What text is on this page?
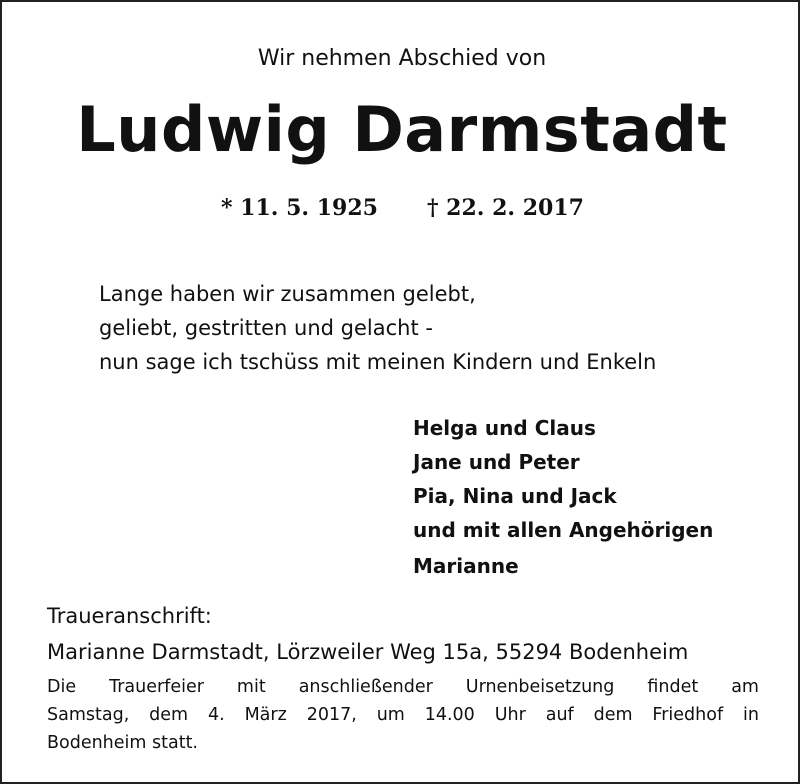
Wir nehmen Abschied von
Ludwig Darmstadt
* 11. 5. 1925 † 22. 2. 2017
Lange haben wir zusammen gelebt,
geliebt, gestritten und gelacht -
nun sage ich tschüss mit meinen Kindern und Enkeln
Helga und Claus
Jane und Peter
Pia, Nina und Jack
und mit allen Angehörigen
Marianne
Traueranschrift:
Marianne Darmstadt, Lörzweiler Weg 15a, 55294 Bodenheim
Die Trauerfeier mit anschließender Urnenbeisetzung findet am
Samstag, dem 4. März 2017, um 14.00 Uhr auf dem Friedhof in
Bodenheim statt.
